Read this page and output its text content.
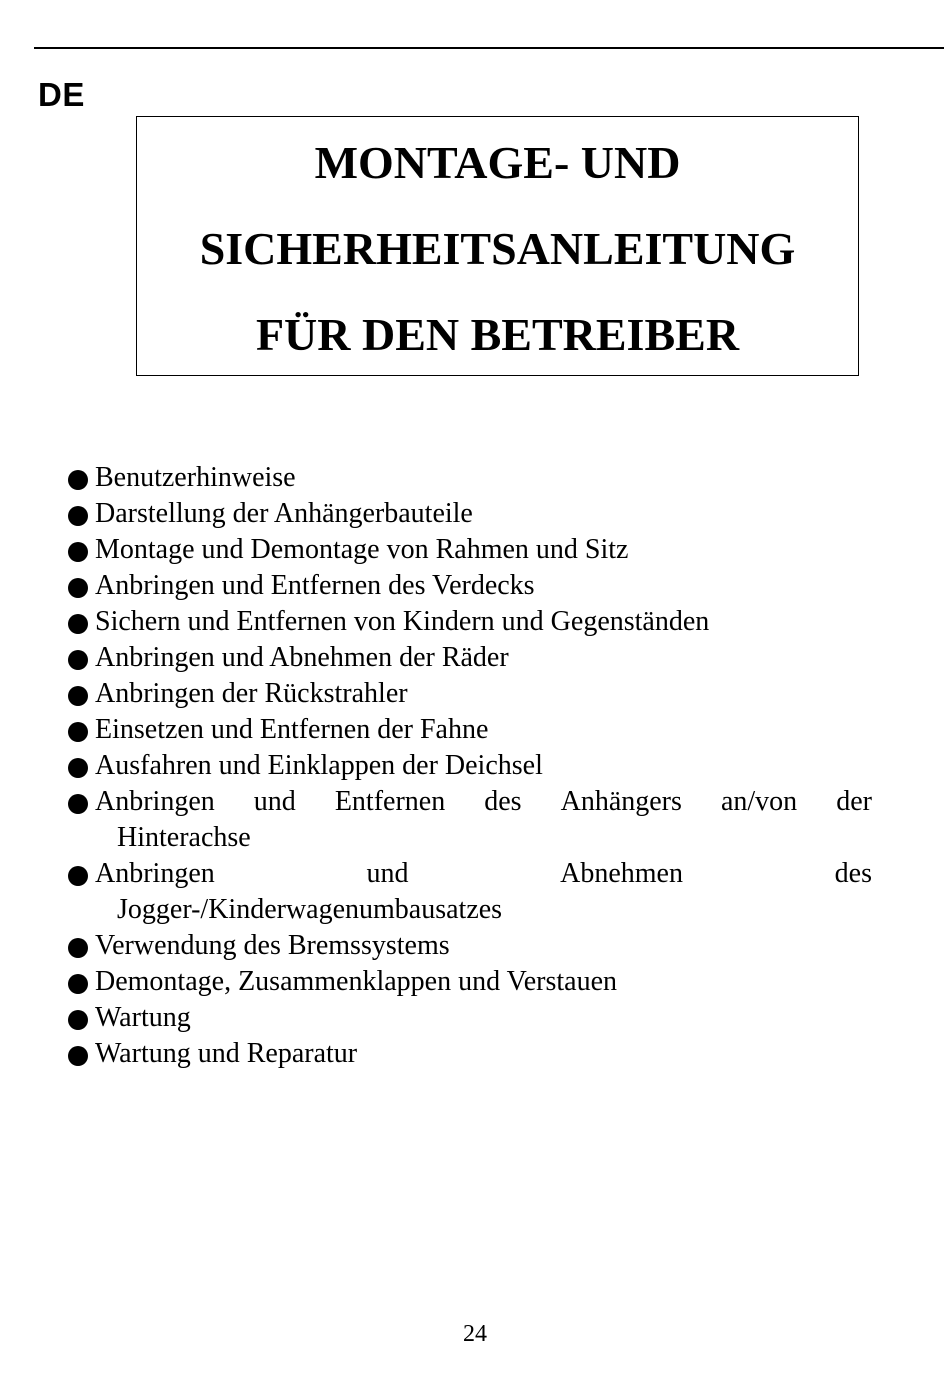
DE
MONTAGE- UND
SICHERHEITSANLEITUNG
FÜR DEN BETREIBER
Benutzerhinweise
Darstellung der Anhängerbauteile
Montage und Demontage von Rahmen und Sitz
Anbringen und Entfernen des Verdecks
Sichern und Entfernen von Kindern und Gegenständen
Anbringen und Abnehmen der Räder
Anbringen der Rückstrahler
Einsetzen und Entfernen der Fahne
Ausfahren und Einklappen der Deichsel
Anbringen und Entfernen des Anhängers an/von der
Hinterachse
Anbringen	und	Abnehmen	des
Jogger-/Kinderwagenumbausatzes
Verwendung des Bremssystems
Demontage, Zusammenklappen und Verstauen
Wartung
Wartung und Reparatur
24
